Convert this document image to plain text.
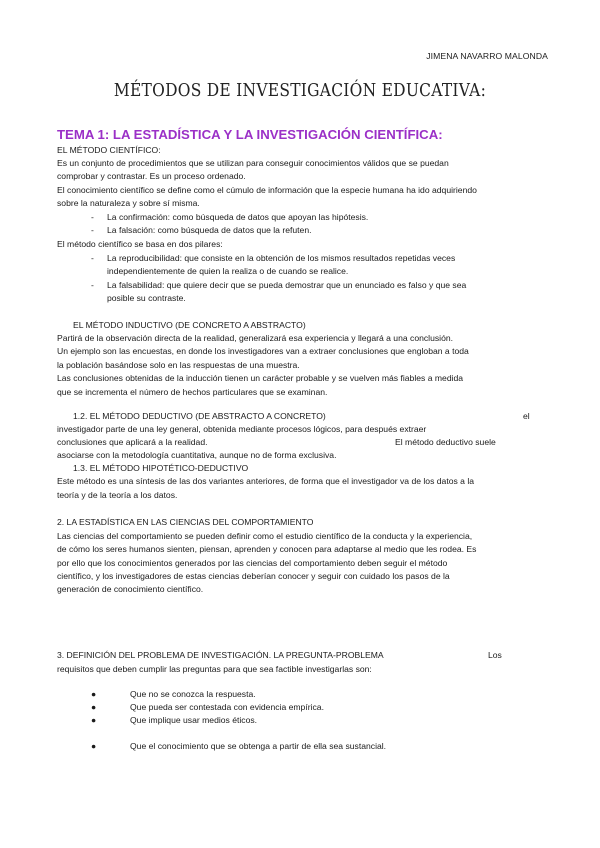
JIMENA NAVARRO MALONDA
MÉTODOS DE INVESTIGACIÓN EDUCATIVA:
TEMA 1: LA ESTADÍSTICA Y LA INVESTIGACIÓN CIENTÍFICA:

EL MÉTODO CIENTÍFICO:

Es un conjunto de procedimientos que se utilizan para conseguir conocimientos válidos que se puedan

comprobar y contrastar. Es un proceso ordenado.

El conocimiento científico se define como el cúmulo de información que la especie humana ha ido adquiriendo

sobre la naturaleza y sobre sí misma.

- La confirmación: como búsqueda de datos que apoyan las hipótesis.

- La falsación: como búsqueda de datos que la refuten.

El método científico se basa en dos pilares:

- La reproducibilidad: que consiste en la obtención de los mismos resultados repetidas veces

independientemente de quien la realiza o de cuando se realice.

- La falsabilidad: que quiere decir que se pueda demostrar que un enunciado es falso y que sea

posible su contraste.

EL MÉTODO INDUCTIVO (DE CONCRETO A ABSTRACTO)

Partirá de la observación directa de la realidad, generalizará esa experiencia y llegará a una conclusión.

Un ejemplo son las encuestas, en donde los investigadores van a extraer conclusiones que engloban a toda

la población basándose solo en las respuestas de una muestra.

Las conclusiones obtenidas de la inducción tienen un carácter probable y se vuelven más fiables a medida

que se incrementa el número de hechos particulares que se examinan.

1.2. EL MÉTODO DEDUCTIVO (DE ABSTRACTO A CONCRETO)	el

investigador parte de una ley general, obtenida mediante procesos lógicos, para después extraer

conclusiones que aplicará a la realidad.	El método deductivo suele

asociarse con la metodología cuantitativa, aunque no de forma exclusiva.

1.3. EL MÉTODO HIPOTÉTICO-DEDUCTIVO

Este método es una síntesis de las dos variantes anteriores, de forma que el investigador va de los datos a la

teoría y de la teoría a los datos.

2. LA ESTADÍSTICA EN LAS CIENCIAS DEL COMPORTAMIENTO

Las ciencias del comportamiento se pueden definir como el estudio científico de la conducta y la experiencia,

de cómo los seres humanos sienten, piensan, aprenden y conocen para adaptarse al medio que les rodea. Es

por ello que los conocimientos generados por las ciencias del comportamiento deben seguir el método

científico, y los investigadores de estas ciencias deberían conocer y seguir con cuidado los pasos de la

generación de conocimiento científico.

3. DEFINICIÓN DEL PROBLEMA DE INVESTIGACIÓN. LA PREGUNTA-PROBLEMA	Los

requisitos que deben cumplir las preguntas para que sea factible investigarlas son:

●	Que no se conozca la respuesta.

●	Que pueda ser contestada con evidencia empírica.

●	Que implique usar medios éticos.

●	Que el conocimiento que se obtenga a partir de ella sea sustancial.
